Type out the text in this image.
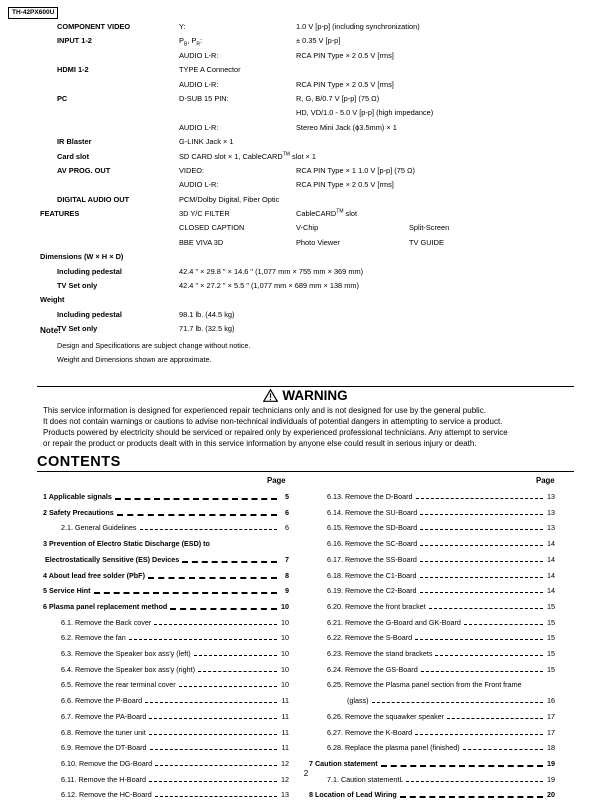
TH-42PX600U
COMPONENT VIDEO	Y:	1.0 V [p-p] (including synchronization)
INPUT 1-2	$P_B$, $P_R$:	± 0.35 V [p-p]
AUDIO L-R:	RCA PIN Type × 2 0.5 V [rms]
HDMI 1-2	TYPE A Connector
AUDIO L-R:	RCA PIN Type × 2 0.5 V [rms]
PC	D-SUB 15 PIN:	R, G, B/0.7 V [p-p] (75 Ω)
HD, VD/1.0 - 5.0 V [p-p] (high impedance)
AUDIO L-R:	Stereo Mini Jack (ϕ3.5mm) × 1
IR Blaster	G-LINK Jack × 1
Card slot	SD CARD slot × 1, CableCARD™ slot × 1
AV PROG. OUT	VIDEO:	RCA PIN Type × 1 1.0 V [p-p] (75 Ω)
AUDIO L-R:	RCA PIN Type × 2 0.5 V [rms]
DIGITAL AUDIO OUT	PCM/Dolby Digital, Fiber Optic
FEATURES	3D Y/C FILTER	CableCARD™ slot
CLOSED CAPTION	V-Chip	Split-Screen
BBE VIVA 3D	Photo Viewer	TV GUIDE
Dimensions (W × H × D)
Including pedestal	42.4 " × 29.8 " × 14.6 " (1,077 mm × 755 mm × 369 mm)
TV Set only	42.4 " × 27.2 " × 5.5 " (1,077 mm × 689 mm × 138 mm)
Weight
Including pedestal	98.1 lb. (44.5 kg)
TV Set only	71.7 lb. (32.5 kg)
Note:
Design and Specifications are subject change without notice.
Weight and Dimensions shown are approximate.
WARNING
This service information is designed for experienced repair technicians only and is not designed for use by the general public.
It does not contain warnings or cautions to advise non-technical individuals of potential dangers in attempting to service a product.
Products powered by electricity should be serviced or repaired only by experienced professional technicians. Any attempt to service
or repair the product or products dealt with in this service information by anyone else could result in serious injury or death.
CONTENTS
Page	Page
1 Applicable signals	5
2 Safety Precautions	6
2.1. General Guidelines	6
3 Prevention of Electro Static Discharge (ESD) to
Electrostatically Sensitive (ES) Devices	7
4 About lead free solder (PbF)	8
5 Service Hint	9
6 Plasma panel replacement method	10
6.1. Remove the Back cover	10
6.2. Remove the fan	10
6.3. Remove the Speaker box ass'y (left)	10
6.4. Remove the Speaker box ass'y (right)	10
6.5. Remove the rear terminal cover	10
6.6. Remove the P-Board	11
6.7. Remove the PA-Board	11
6.8. Remove the tuner unit	11
6.9. Remove the DT-Board	11
6.10. Remove the DG-Board	12
6.11. Remove the H-Board	12
6.12. Remove the HC-Board	13
6.13. Remove the D-Board	13
6.14. Remove the SU-Board	13
6.15. Remove the SD-Board	13
6.16. Remove the SC-Board	14
6.17. Remove the SS-Board	14
6.18. Remove the C1-Board	14
6.19. Remove the C2-Board	14
6.20. Remove the front bracket	15
6.21. Remove the G-Board and GK-Board	15
6.22. Remove the S-Board	15
6.23. Remove the stand brackets	15
6.24. Remove the GS-Board	15
6.25. Remove the Plasma panel section from the Front frame
(glass)	16
6.26. Remove the squawker speaker	17
6.27. Remove the K-Board	17
6.28. Replace the plasma panel (finished)	18
7 Caution statement	19
7.1. Caution statementL	19
8 Location of Lead Wiring	20
2
